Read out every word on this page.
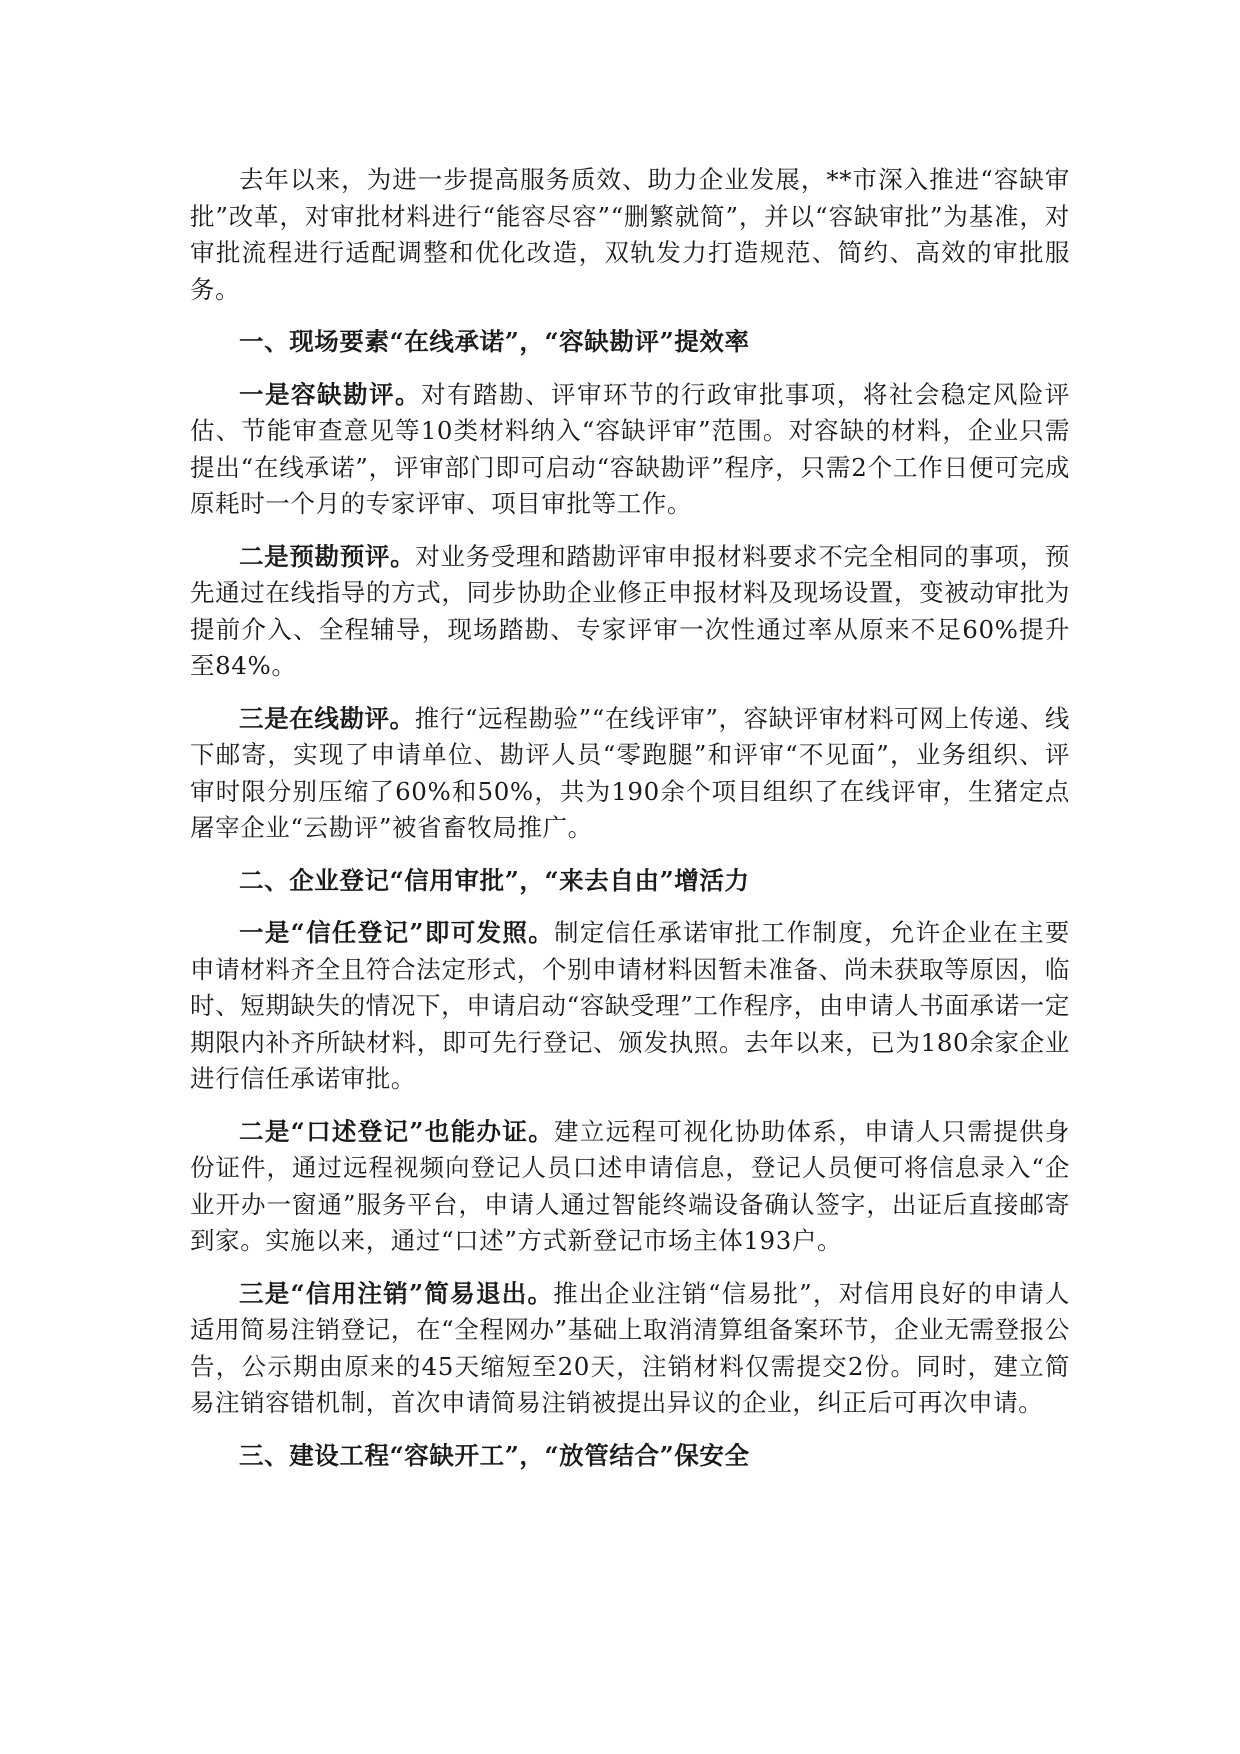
去年以来，为进一步提高服务质效、助力企业发展，**市深入推进“容缺审批”改革，对审批材料进行“能容尽容”“删繁就简”，并以“容缺审批”为基准，对审批流程进行适配调整和优化改造，双轨发力打造规范、简约、高效的审批服务。

一、现场要素“在线承诺”，“容缺勘评”提效率

一是容缺勘评。对有踏勘、评审环节的行政审批事项，将社会稳定风险评估、节能审查意见等10类材料纳入“容缺评审”范围。对容缺的材料，企业只需提出“在线承诺”，评审部门即可启动“容缺勘评”程序，只需2个工作日便可完成原耗时一个月的专家评审、项目审批等工作。

二是预勘预评。对业务受理和踏勘评审申报材料要求不完全相同的事项，预先通过在线指导的方式，同步协助企业修正申报材料及现场设置，变被动审批为提前介入、全程辅导，现场踏勘、专家评审一次性通过率从原来不足60%提升至84%。

三是在线勘评。推行“远程勘验”“在线评审”，容缺评审材料可网上传递、线下邮寄，实现了申请单位、勘评人员“零跑腿”和评审“不见面”，业务组织、评审时限分别压缩了60%和50%，共为190余个项目组织了在线评审，生猪定点屠宰企业“云勘评”被省畜牧局推广。

二、企业登记“信用审批”，“来去自由”增活力

一是“信任登记”即可发照。制定信任承诺审批工作制度，允许企业在主要申请材料齐全且符合法定形式，个别申请材料因暂未准备、尚未获取等原因，临时、短期缺失的情况下，申请启动“容缺受理”工作程序，由申请人书面承诺一定期限内补齐所缺材料，即可先行登记、颁发执照。去年以来，已为180余家企业进行信任承诺审批。

二是“口述登记”也能办证。建立远程可视化协助体系，申请人只需提供身份证件，通过远程视频向登记人员口述申请信息，登记人员便可将信息录入“企业开办一窗通”服务平台，申请人通过智能终端设备确认签字，出证后直接邮寄到家。实施以来，通过“口述”方式新登记市场主体193户。

三是“信用注销”简易退出。推出企业注销“信易批”，对信用良好的申请人适用简易注销登记，在“全程网办”基础上取消清算组备案环节，企业无需登报公告，公示期由原来的45天缩短至20天，注销材料仅需提交2份。同时，建立简易注销容错机制，首次申请简易注销被提出异议的企业，纠正后可再次申请。

三、建设工程“容缺开工”，“放管结合”保安全
